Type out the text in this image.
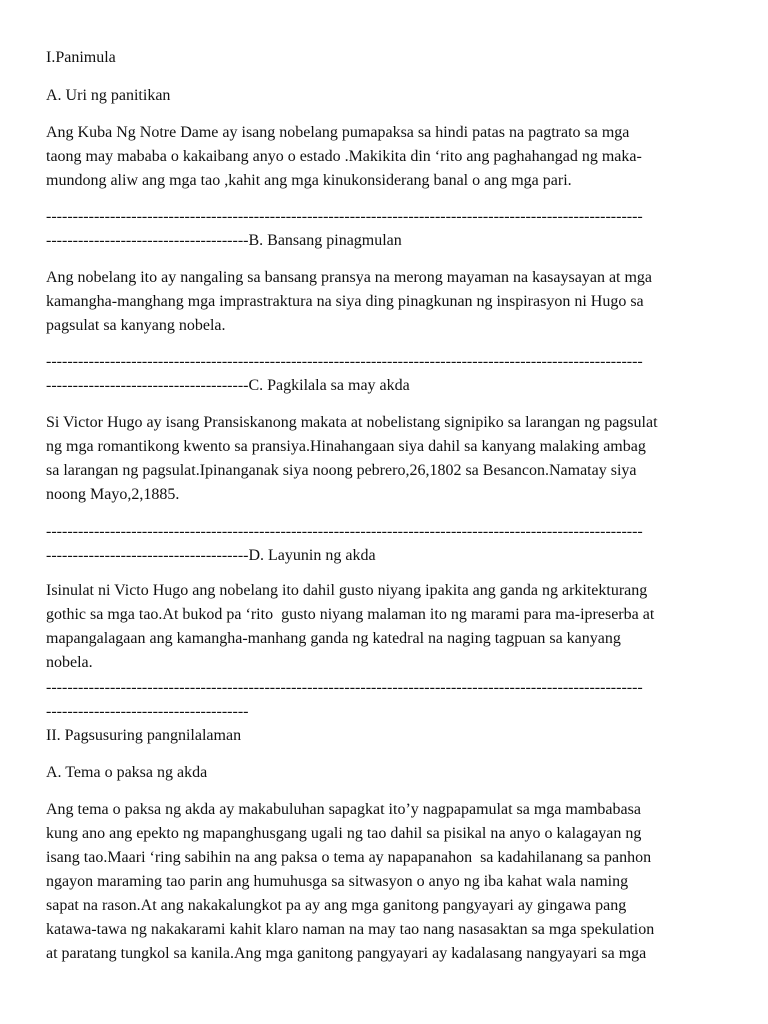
I.Panimula

A. Uri ng panitikan

Ang Kuba Ng Notre Dame ay isang nobelang pumapaksa sa hindi patas na pagtrato sa mga

taong may mababa o kakaibang anyo o estado .Makikita din ‘rito ang paghahangad ng maka-

mundong aliw ang mga tao ,kahit ang mga kinukonsiderang banal o ang mga pari.

----------------------------------------------------------------------------------------------------------------

--------------------------------------B. Bansang pinagmulan

Ang nobelang ito ay nangaling sa bansang pransya na merong mayaman na kasaysayan at mga

kamangha-manghang mga imprastraktura na siya ding pinagkunan ng inspirasyon ni Hugo sa

pagsulat sa kanyang nobela.

----------------------------------------------------------------------------------------------------------------

--------------------------------------C. Pagkilala sa may akda

Si Victor Hugo ay isang Pransiskanong makata at nobelistang signipiko sa larangan ng pagsulat

ng mga romantikong kwento sa pransiya.Hinahangaan siya dahil sa kanyang malaking ambag

sa larangan ng pagsulat.Ipinanganak siya noong pebrero,26,1802 sa Besancon.Namatay siya

noong Mayo,2,1885.

----------------------------------------------------------------------------------------------------------------

--------------------------------------D. Layunin ng akda

Isinulat ni Victo Hugo ang nobelang ito dahil gusto niyang ipakita ang ganda ng arkitekturang

gothic sa mga tao.At bukod pa ‘rito  gusto niyang malaman ito ng marami para ma-ipreserba at

mapangalagaan ang kamangha-manhang ganda ng katedral na naging tagpuan sa kanyang

nobela.

----------------------------------------------------------------------------------------------------------------
--------------------------------------

II. Pagsusuring pangnilalaman

A. Tema o paksa ng akda

Ang tema o paksa ng akda ay makabuluhan sapagkat ito’y nagpapamulat sa mga mambabasa

kung ano ang epekto ng mapanghusgang ugali ng tao dahil sa pisikal na anyo o kalagayan ng

isang tao.Maari ‘ring sabihin na ang paksa o tema ay napapanahon  sa kadahilanang sa panhon

ngayon maraming tao parin ang humuhusga sa sitwasyon o anyo ng iba kahat wala naming

sapat na rason.At ang nakakalungkot pa ay ang mga ganitong pangyayari ay gingawa pang

katawa-tawa ng nakakarami kahit klaro naman na may tao nang nasasaktan sa mga spekulation

at paratang tungkol sa kanila.Ang mga ganitong pangyayari ay kadalasang nangyayari sa mga
